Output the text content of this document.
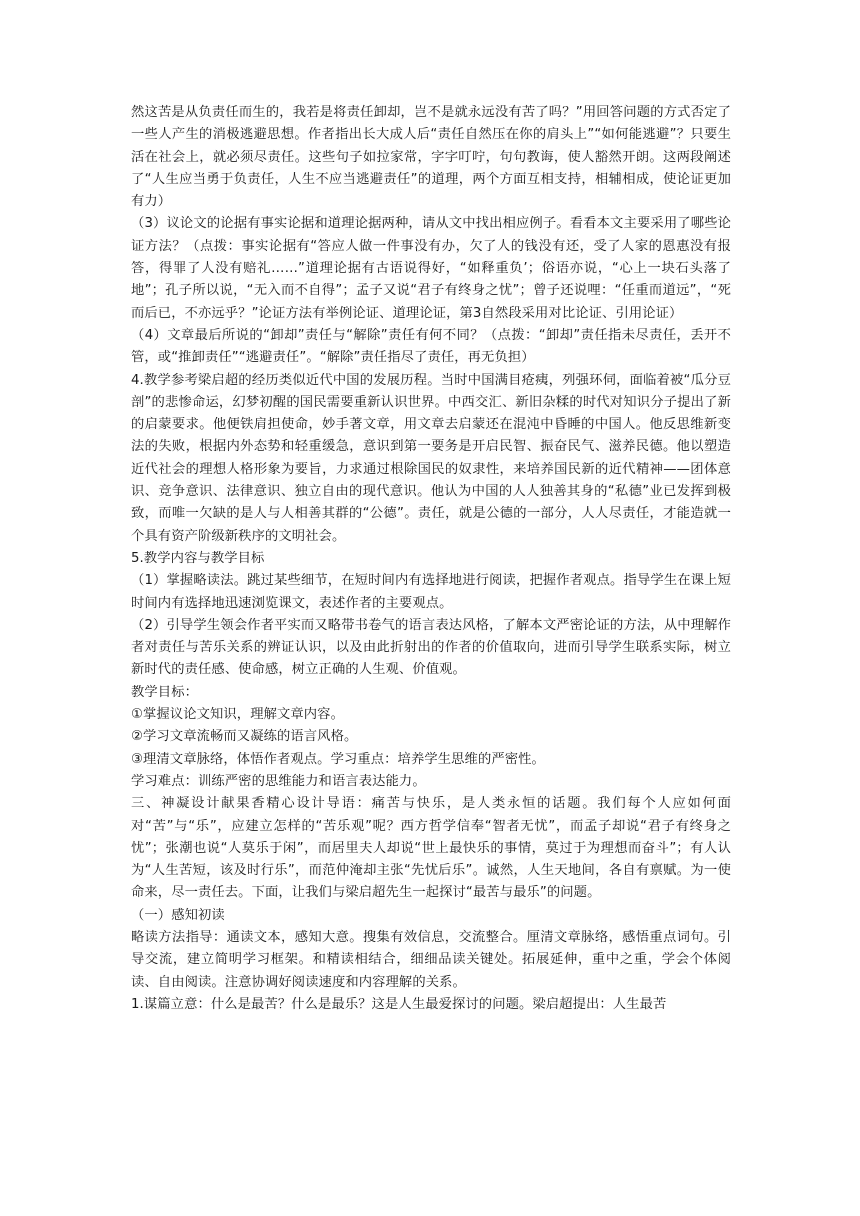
然这苦是从负责任而生的，我若是将责任卸却，岂不是就永远没有苦了吗？”用回答问题的方式否定了一些人产生的消极逃避思想。作者指出长大成人后“责任自然压在你的肩头上”“如何能逃避”？只要生活在社会上，就必须尽责任。这些句子如拉家常，字字叮咛，句句教诲，使人豁然开朗。这两段阐述了“人生应当勇于负责任，人生不应当逃避责任”的道理，两个方面互相支持，相辅相成，使论证更加有力）

（3）议论文的论据有事实论据和道理论据两种，请从文中找出相应例子。看看本文主要采用了哪些论证方法？（点拨：事实论据有“答应人做一件事没有办，欠了人的钱没有还，受了人家的恩惠没有报答，得罪了人没有赔礼……”道理论据有古语说得好，“如释重负’；俗语亦说，“心上一块石头落了地”；孔子所以说，“无入而不自得”；孟子又说“君子有终身之忧”；曾子还说哩：“任重而道远”，“死而后已，不亦远乎？”论证方法有举例论证、道理论证，第3自然段采用对比论证、引用论证）

（4）文章最后所说的“卸却”责任与“解除”责任有何不同？（点拨：“卸却”责任指未尽责任，丢开不管，或“推卸责任”“逃避责任”。“解除”责任指尽了责任，再无负担）

4.教学参考梁启超的经历类似近代中国的发展历程。当时中国满目疮痍，列强环伺，面临着被“瓜分豆剖”的悲惨命运，幻梦初醒的国民需要重新认识世界。中西交汇、新旧杂糅的时代对知识分子提出了新的启蒙要求。他便铁肩担使命，妙手著文章，用文章去启蒙还在混沌中昏睡的中国人。他反思维新变法的失败，根据内外态势和轻重缓急，意识到第一要务是开启民智、振奋民气、滋养民德。他以塑造近代社会的理想人格形象为要旨，力求通过根除国民的奴隶性，来培养国民新的近代精神——团体意识、竞争意识、法律意识、独立自由的现代意识。他认为中国的人人独善其身的“私德”业已发挥到极致，而唯一欠缺的是人与人相善其群的“公德”。责任，就是公德的一部分，人人尽责任，才能造就一个具有资产阶级新秩序的文明社会。

5.教学内容与教学目标

（1）掌握略读法。跳过某些细节，在短时间内有选择地进行阅读，把握作者观点。指导学生在课上短时间内有选择地迅速浏览课文，表述作者的主要观点。

（2）引导学生领会作者平实而又略带书卷气的语言表达风格，了解本文严密论证的方法，从中理解作者对责任与苦乐关系的辨证认识，以及由此折射出的作者的价值取向，进而引导学生联系实际，树立新时代的责任感、使命感，树立正确的人生观、价值观。

教学目标：

①掌握议论文知识，理解文章内容。

②学习文章流畅而又凝练的语言风格。

③理清文章脉络，体悟作者观点。学习重点：培养学生思维的严密性。

学习难点：训练严密的思维能力和语言表达能力。

三、神凝设计献果香精心设计导语：痛苦与快乐，是人类永恒的话题。我们每个人应如何面对“苦”与“乐”，应建立怎样的“苦乐观”呢？西方哲学信奉“智者无忧”，而孟子却说“君子有终身之忧”；张潮也说“人莫乐于闲”，而居里夫人却说“世上最快乐的事情，莫过于为理想而奋斗”；有人认为“人生苦短，该及时行乐”，而范仲淹却主张“先忧后乐”。诚然，人生天地间，各自有禀赋。为一使命来，尽一责任去。下面，让我们与梁启超先生一起探讨“最苦与最乐”的问题。

（一）感知初读

略读方法指导：通读文本，感知大意。搜集有效信息，交流整合。厘清文章脉络，感悟重点词句。引导交流，建立简明学习框架。和精读相结合，细细品读关键处。拓展延伸，重中之重，学会个体阅读、自由阅读。注意协调好阅读速度和内容理解的关系。

1.谋篇立意：什么是最苦？什么是最乐？这是人生最爱探讨的问题。梁启超提出：人生最苦
